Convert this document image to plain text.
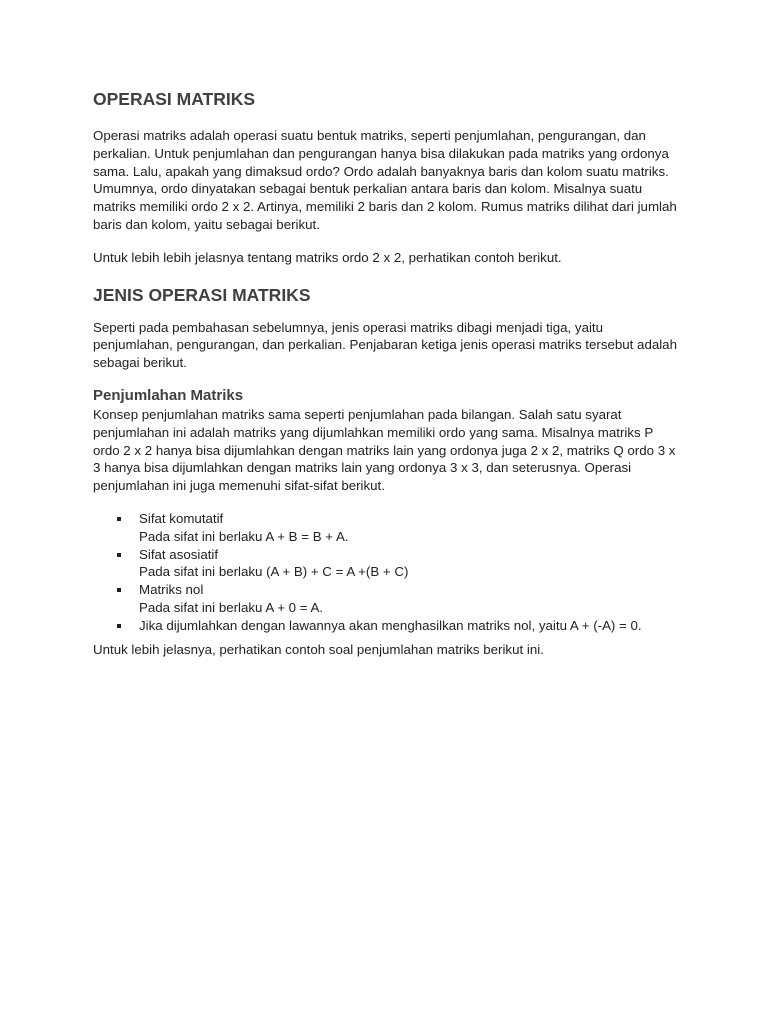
OPERASI MATRIKS

Operasi matriks adalah operasi suatu bentuk matriks, seperti penjumlahan, pengurangan, dan perkalian. Untuk penjumlahan dan pengurangan hanya bisa dilakukan pada matriks yang ordonya sama. Lalu, apakah yang dimaksud ordo? Ordo adalah banyaknya baris dan kolom suatu matriks. Umumnya, ordo dinyatakan sebagai bentuk perkalian antara baris dan kolom. Misalnya suatu matriks memiliki ordo 2 x 2. Artinya, memiliki 2 baris dan 2 kolom. Rumus matriks dilihat dari jumlah baris dan kolom, yaitu sebagai berikut.

Untuk lebih lebih jelasnya tentang matriks ordo 2 x 2, perhatikan contoh berikut.

JENIS OPERASI MATRIKS

Seperti pada pembahasan sebelumnya, jenis operasi matriks dibagi menjadi tiga, yaitu penjumlahan, pengurangan, dan perkalian. Penjabaran ketiga jenis operasi matriks tersebut adalah sebagai berikut.

Penjumlahan Matriks

Konsep penjumlahan matriks sama seperti penjumlahan pada bilangan. Salah satu syarat penjumlahan ini adalah matriks yang dijumlahkan memiliki ordo yang sama. Misalnya matriks P ordo 2 x 2 hanya bisa dijumlahkan dengan matriks lain yang ordonya juga 2 x 2, matriks Q ordo 3 x 3 hanya bisa dijumlahkan dengan matriks lain yang ordonya 3 x 3, dan seterusnya. Operasi penjumlahan ini juga memenuhi sifat-sifat berikut.

Sifat komutatif
Pada sifat ini berlaku A + B = B + A.
Sifat asosiatif
Pada sifat ini berlaku (A + B) + C = A +(B + C)
Matriks nol
Pada sifat ini berlaku A + 0 = A.
Jika dijumlahkan dengan lawannya akan menghasilkan matriks nol, yaitu A + (-A) = 0.

Untuk lebih jelasnya, perhatikan contoh soal penjumlahan matriks berikut ini.
